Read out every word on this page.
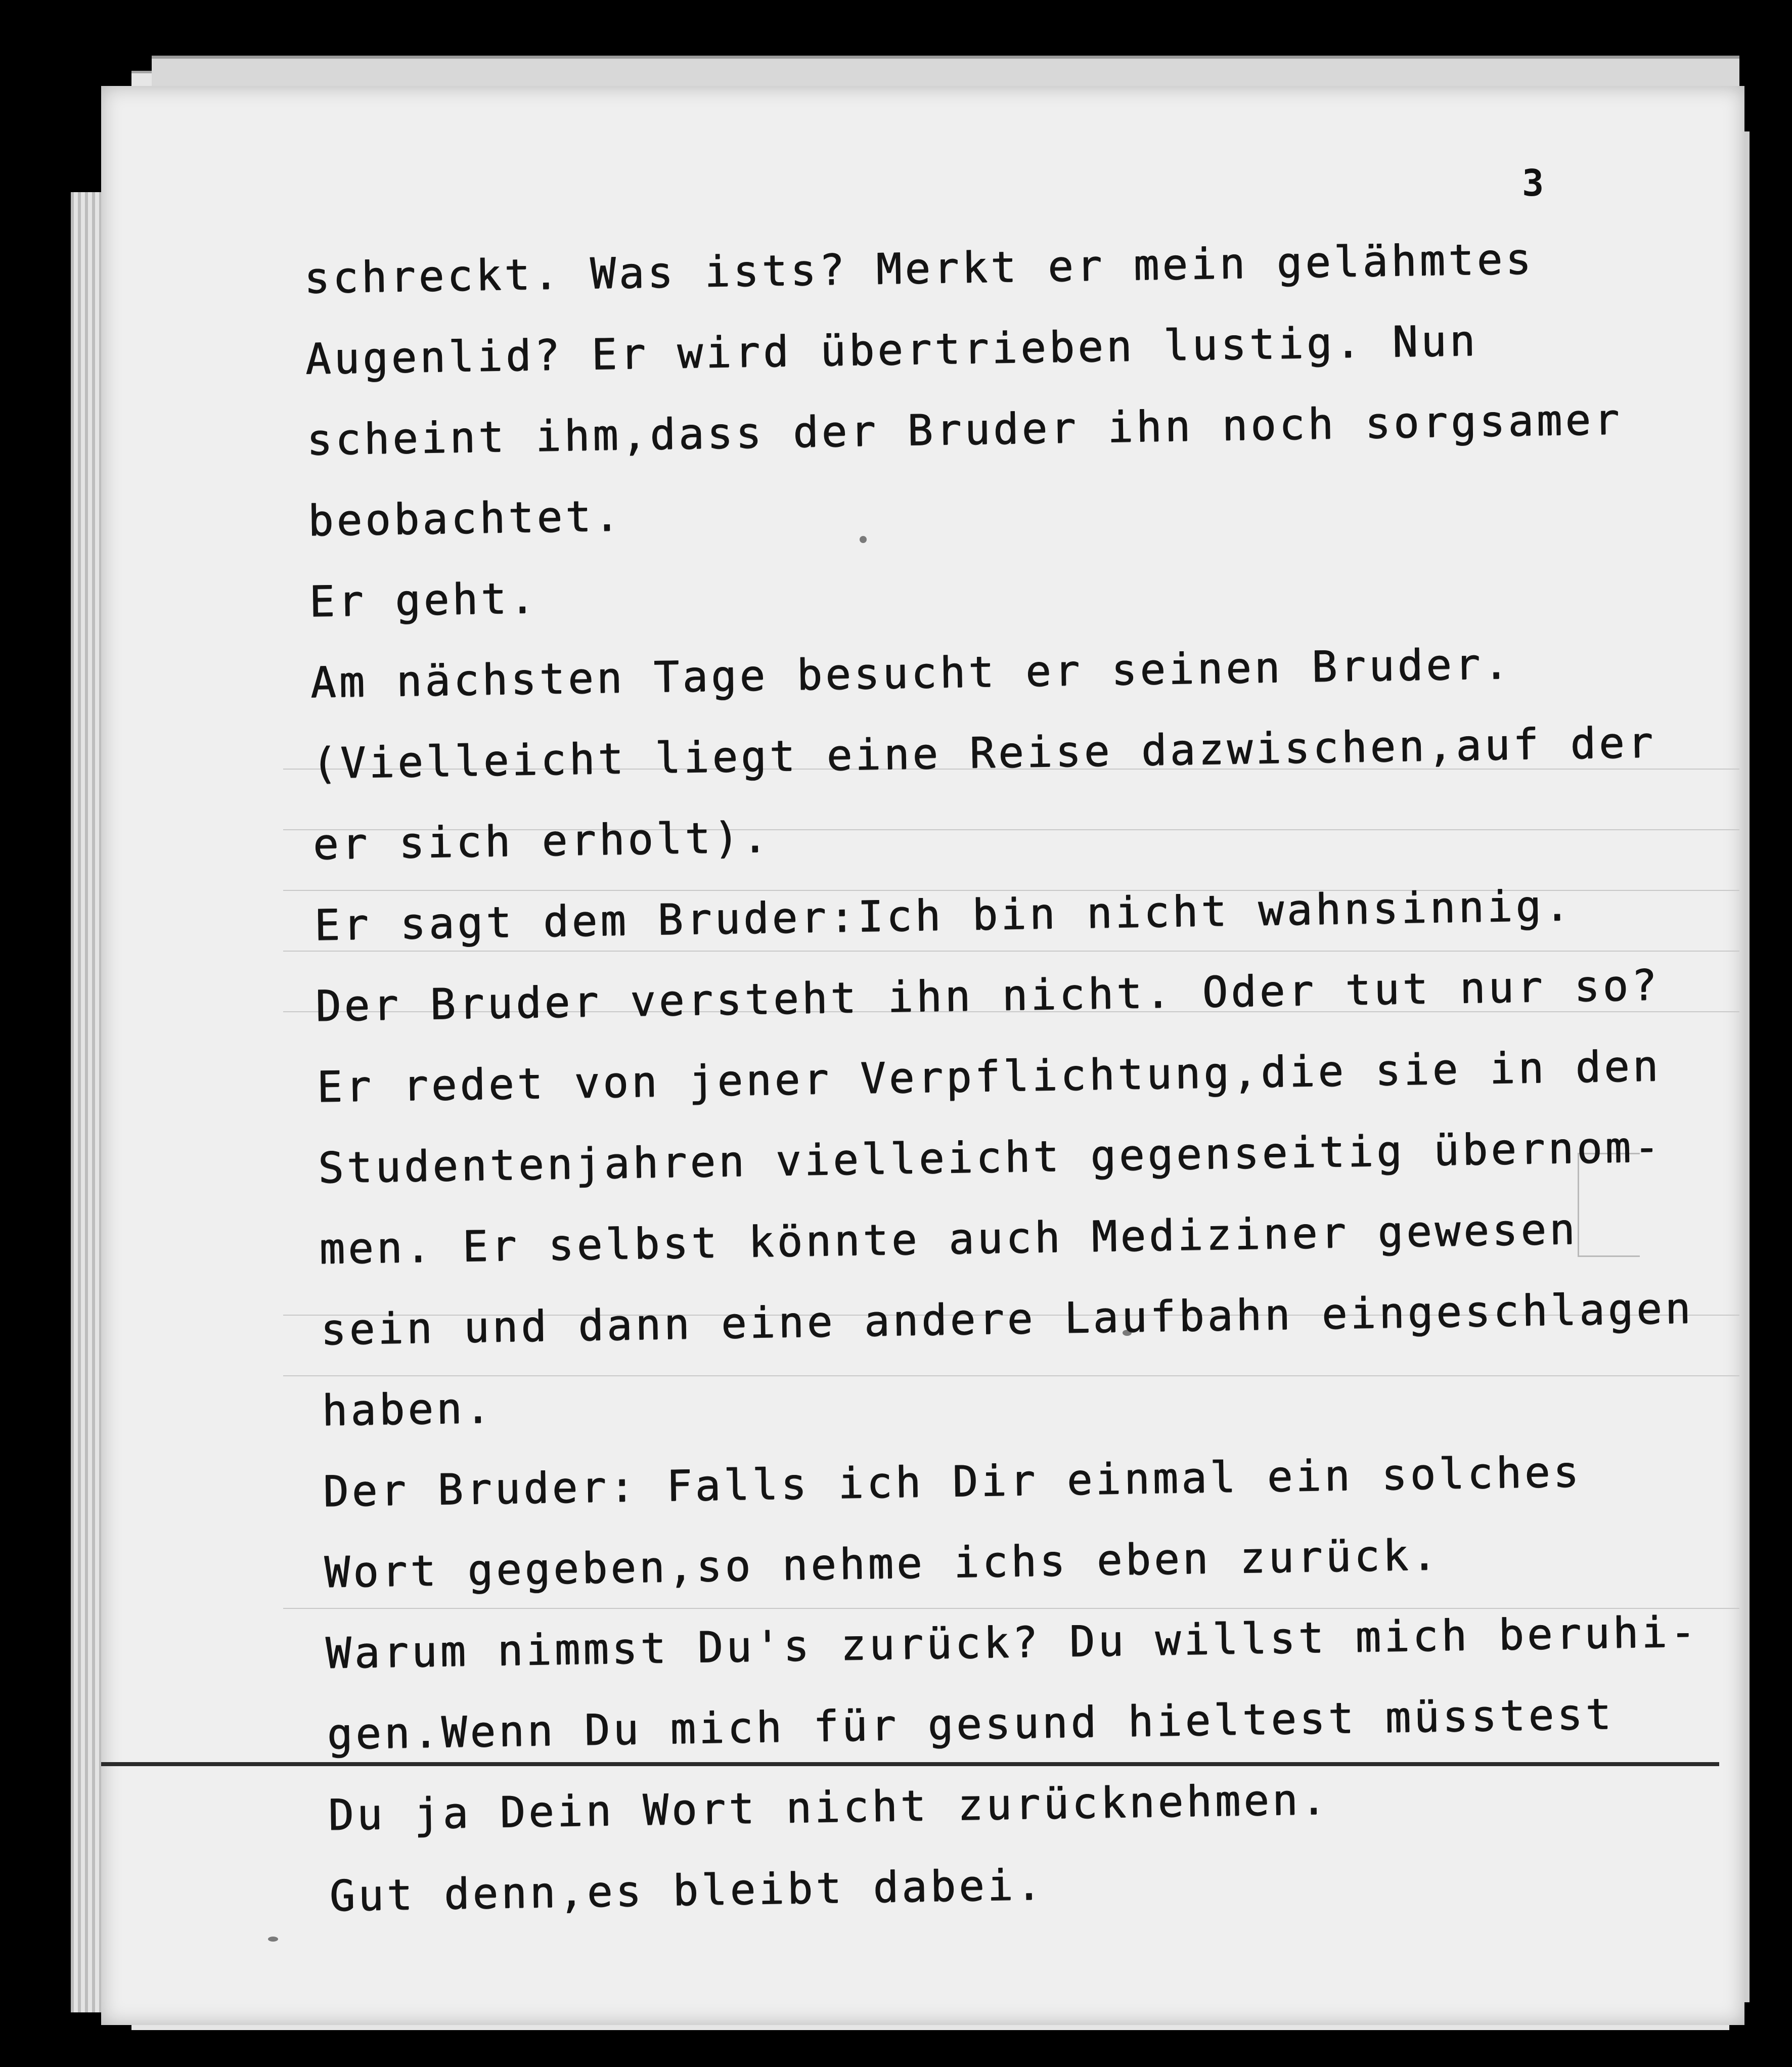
3
schreckt. Was ists? Merkt er mein gelähmtes
Augenlid? Er wird übertrieben lustig. Nun
scheint ihm,dass der Bruder ihn noch sorgsamer
beobachtet.
Er geht.
Am nächsten Tage besucht er seinen Bruder.
(Vielleicht liegt eine Reise dazwischen,auf der
er sich erholt).
Er sagt dem Bruder:Ich bin nicht wahnsinnig.
Der Bruder versteht ihn nicht. Oder tut nur so?
Er redet von jener Verpflichtung,die sie in den
Studentenjahren vielleicht gegenseitig übernom-
men. Er selbst könnte auch Mediziner gewesen
sein und dann eine andere Laufbahn eingeschlagen
haben.
Der Bruder: Falls ich Dir einmal ein solches
Wort gegeben,so nehme ichs eben zurück.
Warum nimmst Du's zurück? Du willst mich beruhi-
gen.Wenn Du mich für gesund hieltest müsstest
Du ja Dein Wort nicht zurücknehmen.
Gut denn,es bleibt dabei.
